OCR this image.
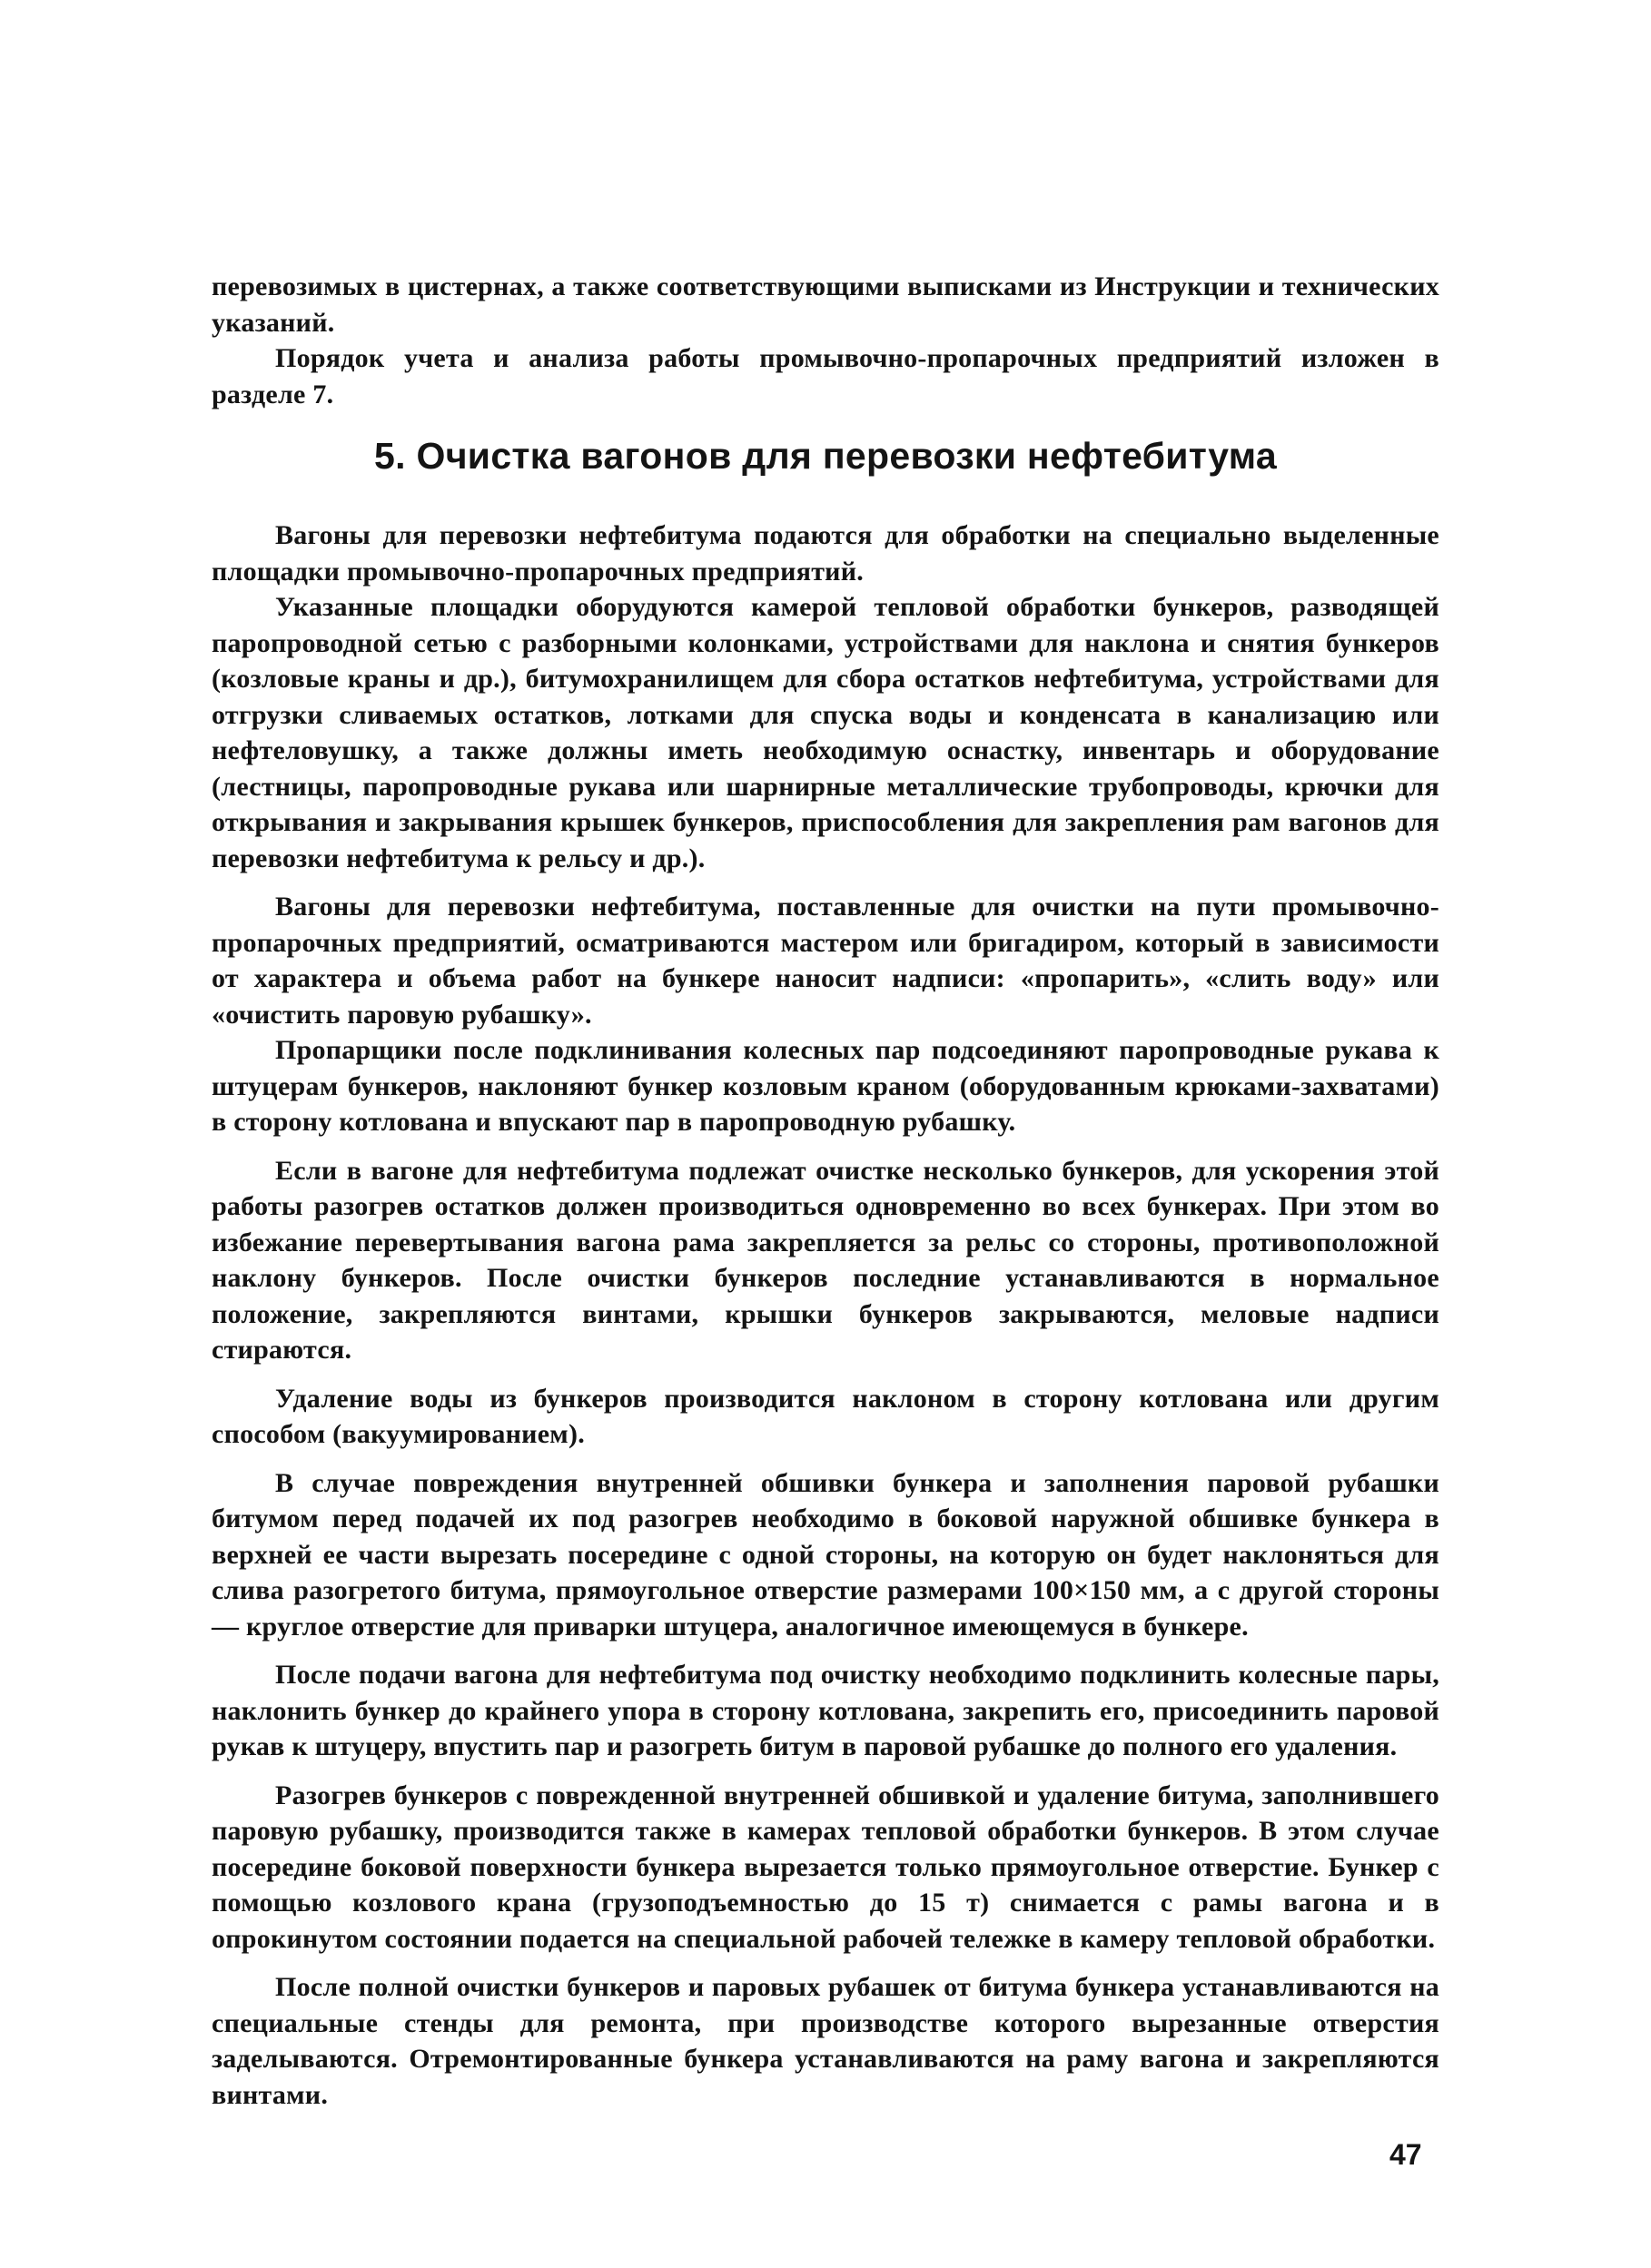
перевозимых в цистернах, а также соответствующими выписками из Инструкции и технических указаний.

Порядок учета и анализа работы промывочно-пропарочных предприятий изложен в разделе 7.

5. Очистка вагонов для перевозки нефтебитума

Вагоны для перевозки нефтебитума подаются для обработки на специально выделенные площадки промывочно-пропарочных предприятий.

Указанные площадки оборудуются камерой тепловой обработки бункеров, разводящей паропроводной сетью с разборными колонками, устройствами для наклона и снятия бункеров (козловые краны и др.), битумохранилищем для сбора остатков нефтебитума, устройствами для отгрузки сливаемых остатков, лотками для спуска воды и конденсата в канализацию или нефтеловушку, а также должны иметь необходимую оснастку, инвентарь и оборудование (лестницы, паропроводные рукава или шарнирные металлические трубопроводы, крючки для открывания и закрывания крышек бункеров, приспособления для закрепления рам вагонов для перевозки нефтебитума к рельсу и др.).

Вагоны для перевозки нефтебитума, поставленные для очистки на пути промывочно-пропарочных предприятий, осматриваются мастером или бригадиром, который в зависимости от характера и объема работ на бункере наносит надписи: «пропарить», «слить воду» или «очистить паровую рубашку».

Пропарщики после подклинивания колесных пар подсоединяют паропроводные рукава к штуцерам бункеров, наклоняют бункер козловым краном (оборудованным крюками-захватами) в сторону котлована и впускают пар в паропроводную рубашку.

Если в вагоне для нефтебитума подлежат очистке несколько бункеров, для ускорения этой работы разогрев остатков должен производиться одновременно во всех бункерах. При этом во избежание перевертывания вагона рама закрепляется за рельс со стороны, противоположной наклону бункеров. После очистки бункеров последние устанавливаются в нормальное положение, закрепляются винтами, крышки бункеров закрываются, меловые надписи стираются.

Удаление воды из бункеров производится наклоном в сторону котлована или другим способом (вакуумированием).

В случае повреждения внутренней обшивки бункера и заполнения паровой рубашки битумом перед подачей их под разогрев необходимо в боковой наружной обшивке бункера в верхней ее части вырезать посередине с одной стороны, на которую он будет наклоняться для слива разогретого битума, прямоугольное отверстие размерами 100×150 мм, а с другой стороны — круглое отверстие для приварки штуцера, аналогичное имеющемуся в бункере.

После подачи вагона для нефтебитума под очистку необходимо подклинить колесные пары, наклонить бункер до крайнего упора в сторону котлована, закрепить его, присоединить паровой рукав к штуцеру, впустить пар и разогреть битум в паровой рубашке до полного его удаления.

Разогрев бункеров с поврежденной внутренней обшивкой и удаление битума, заполнившего паровую рубашку, производится также в камерах тепловой обработки бункеров. В этом случае посередине боковой поверхности бункера вырезается только прямоугольное отверстие. Бункер с помощью козлового крана (грузоподъемностью до 15 т) снимается с рамы вагона и в опрокинутом состоянии подается на специальной рабочей тележке в камеру тепловой обработки.

После полной очистки бункеров и паровых рубашек от битума бункера устанавливаются на специальные стенды для ремонта, при производстве которого вырезанные отверстия заделываются. Отремонтированные бункера устанавливаются на раму вагона и закрепляются винтами.

47
